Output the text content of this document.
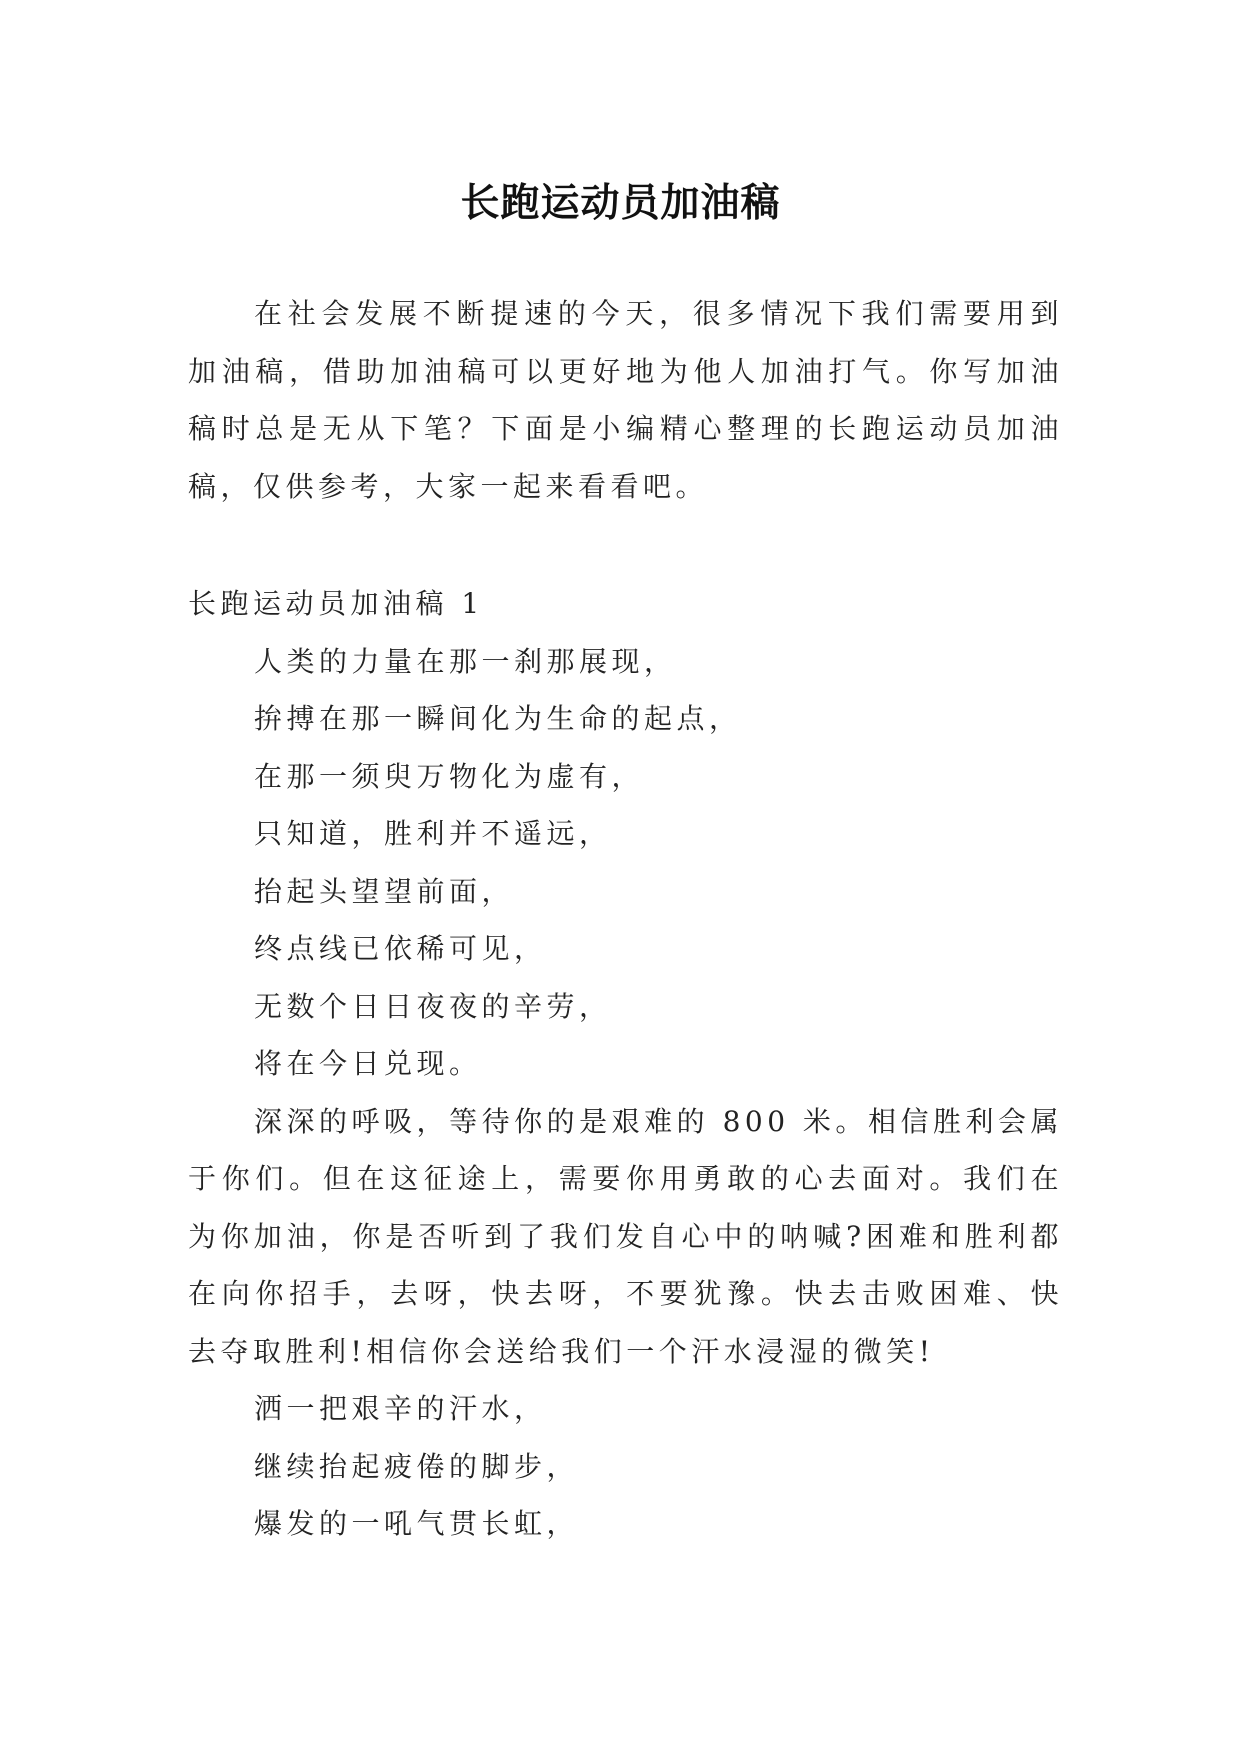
长跑运动员加油稿

在社会发展不断提速的今天，很多情况下我们需要用到加油稿，借助加油稿可以更好地为他人加油打气。你写加油稿时总是无从下笔？下面是小编精心整理的长跑运动员加油稿，仅供参考，大家一起来看看吧。

长跑运动员加油稿 1

人类的力量在那一刹那展现，

拚搏在那一瞬间化为生命的起点，

在那一须臾万物化为虚有，

只知道，胜利并不遥远，

抬起头望望前面，

终点线已依稀可见，

无数个日日夜夜的辛劳，

将在今日兑现。

深深的呼吸，等待你的是艰难的 800 米。相信胜利会属于你们。但在这征途上，需要你用勇敢的心去面对。我们在为你加油，你是否听到了我们发自心中的呐喊?困难和胜利都在向你招手，去呀，快去呀，不要犹豫。快去击败困难、快去夺取胜利!相信你会送给我们一个汗水浸湿的微笑!

洒一把艰辛的汗水，

继续抬起疲倦的脚步，

爆发的一吼气贯长虹，
